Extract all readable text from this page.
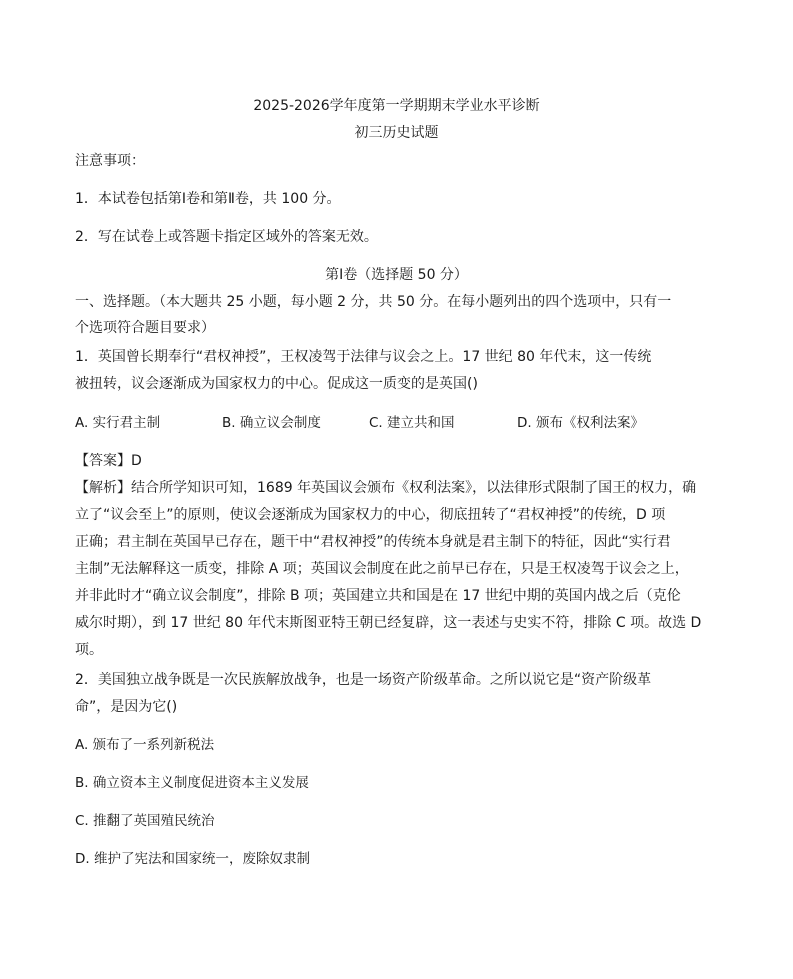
2025-2026学年度第一学期期末学业水平诊断
初三历史试题
注意事项：
1．本试卷包括第Ⅰ卷和第Ⅱ卷，共 100 分。
2．写在试卷上或答题卡指定区域外的答案无效。
第Ⅰ卷（选择题 50 分）
一、选择题。（本大题共 25 小题，每小题 2 分，共 50 分。在每小题列出的四个选项中，只有一
个选项符合题目要求）
1．英国曾长期奉行“君权神授”，王权凌驾于法律与议会之上。17 世纪 80 年代末，这一传统
被扭转，议会逐渐成为国家权力的中心。促成这一质变的是英国()
A. 实行君主制	B. 确立议会制度	C. 建立共和国	D. 颁布《权利法案》
【答案】D
【解析】结合所学知识可知，1689 年英国议会颁布《权利法案》，以法律形式限制了国王的权力，确
立了“议会至上”的原则，使议会逐渐成为国家权力的中心，彻底扭转了“君权神授”的传统，D 项
正确；君主制在英国早已存在，题干中“君权神授”的传统本身就是君主制下的特征，因此“实行君
主制”无法解释这一质变，排除 A 项；英国议会制度在此之前早已存在，只是王权凌驾于议会之上，
并非此时才“确立议会制度”，排除 B 项；英国建立共和国是在 17 世纪中期的英国内战之后（克伦
威尔时期），到 17 世纪 80 年代末斯图亚特王朝已经复辟，这一表述与史实不符，排除 C 项。故选 D
项。
2．美国独立战争既是一次民族解放战争，也是一场资产阶级革命。之所以说它是“资产阶级革
命”，是因为它()
A. 颁布了一系列新税法
B. 确立资本主义制度促进资本主义发展
C. 推翻了英国殖民统治
D. 维护了宪法和国家统一，废除奴隶制
